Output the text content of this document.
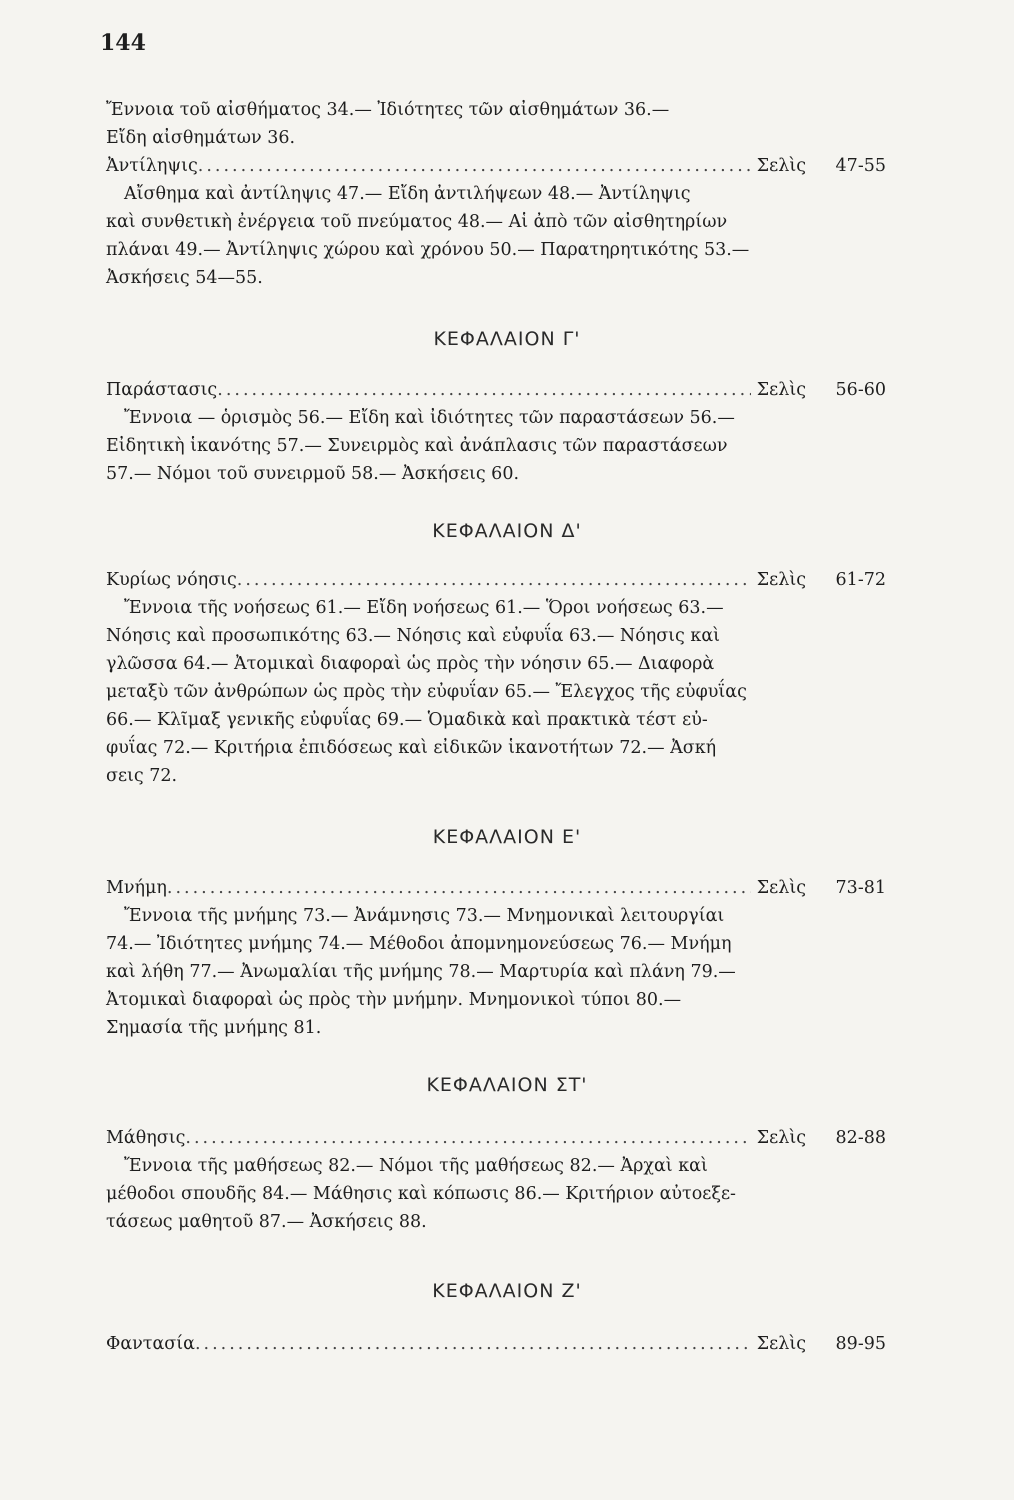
144
Ἔννοια τοῦ αἰσθήματος 34.— Ἰδιότητες τῶν αἰσθημάτων 36.—
Εἴδη αἰσθημάτων 36.
Ἀντίληψις .....	Σελὶς	47-55
Αἴσθημα καὶ ἀντίληψις 47.— Εἴδη ἀντιλήψεων 48.— Ἀντίληψις
καὶ συνθετικὴ ἐνέργεια τοῦ πνεύματος 48.— Αἱ ἀπὸ τῶν αἰσθητηρίων
πλάναι 49.— Ἀντίληψις χώρου καὶ χρόνου 50.— Παρατηρητικότης 53.—
Ἀσκήσεις 54—55.
ΚΕΦΑΛΑΙΟΝ Γ'
Παράστασις .....	Σελὶς	56-60
Ἔννοια — ὁρισμὸς 56.— Εἴδη καὶ ἰδιότητες τῶν παραστάσεων 56.—
Εἰδητικὴ ἱκανότης 57.— Συνειρμὸς καὶ ἀνάπλασις τῶν παραστάσεων
57.— Νόμοι τοῦ συνειρμοῦ 58.— Ἀσκήσεις 60.
ΚΕΦΑΛΑΙΟΝ Δ'
Κυρίως νόησις .....	Σελὶς	61-72
Ἔννοια τῆς νοήσεως 61.— Εἴδη νοήσεως 61.— Ὅροι νοήσεως 63.—
Νόησις καὶ προσωπικότης 63.— Νόησις καὶ εὐφυΐα 63.— Νόησις καὶ
γλῶσσα 64.— Ἀτομικαὶ διαφοραὶ ὡς πρὸς τὴν νόησιν 65.— Διαφορὰ
μεταξὺ τῶν ἀνθρώπων ὡς πρὸς τὴν εὐφυΐαν 65.— Ἔλεγχος τῆς εὐφυΐας
66.— Κλῖμαξ γενικῆς εὐφυΐας 69.— Ὁμαδικὰ καὶ πρακτικὰ τέστ εὐ-
φυΐας 72.— Κριτήρια ἐπιδόσεως καὶ εἰδικῶν ἱκανοτήτων 72.— Ἀσκή
σεις 72.
ΚΕΦΑΛΑΙΟΝ Ε'
Μνήμη .....	Σελὶς	73-81
Ἔννοια τῆς μνήμης 73.— Ἀνάμνησις 73.— Μνημονικαὶ λειτουργίαι
74.— Ἰδιότητες μνήμης 74.— Μέθοδοι ἀπομνημονεύσεως 76.— Μνήμη
καὶ λήθη 77.— Ἀνωμαλίαι τῆς μνήμης 78.— Μαρτυρία καὶ πλάνη 79.—
Ἀτομικαὶ διαφοραὶ ὡς πρὸς τὴν μνήμην. Μνημονικοὶ τύποι 80.—
Σημασία τῆς μνήμης 81.
ΚΕΦΑΛΑΙΟΝ ΣΤ'
Μάθησις .....	Σελὶς	82-88
Ἔννοια τῆς μαθήσεως 82.— Νόμοι τῆς μαθήσεως 82.— Ἀρχαὶ καὶ
μέθοδοι σπουδῆς 84.— Μάθησις καὶ κόπωσις 86.— Κριτήριον αὐτοεξε-
τάσεως μαθητοῦ 87.— Ἀσκήσεις 88.
ΚΕΦΑΛΑΙΟΝ Ζ'
Φαντασία .....	Σελὶς	89-95
